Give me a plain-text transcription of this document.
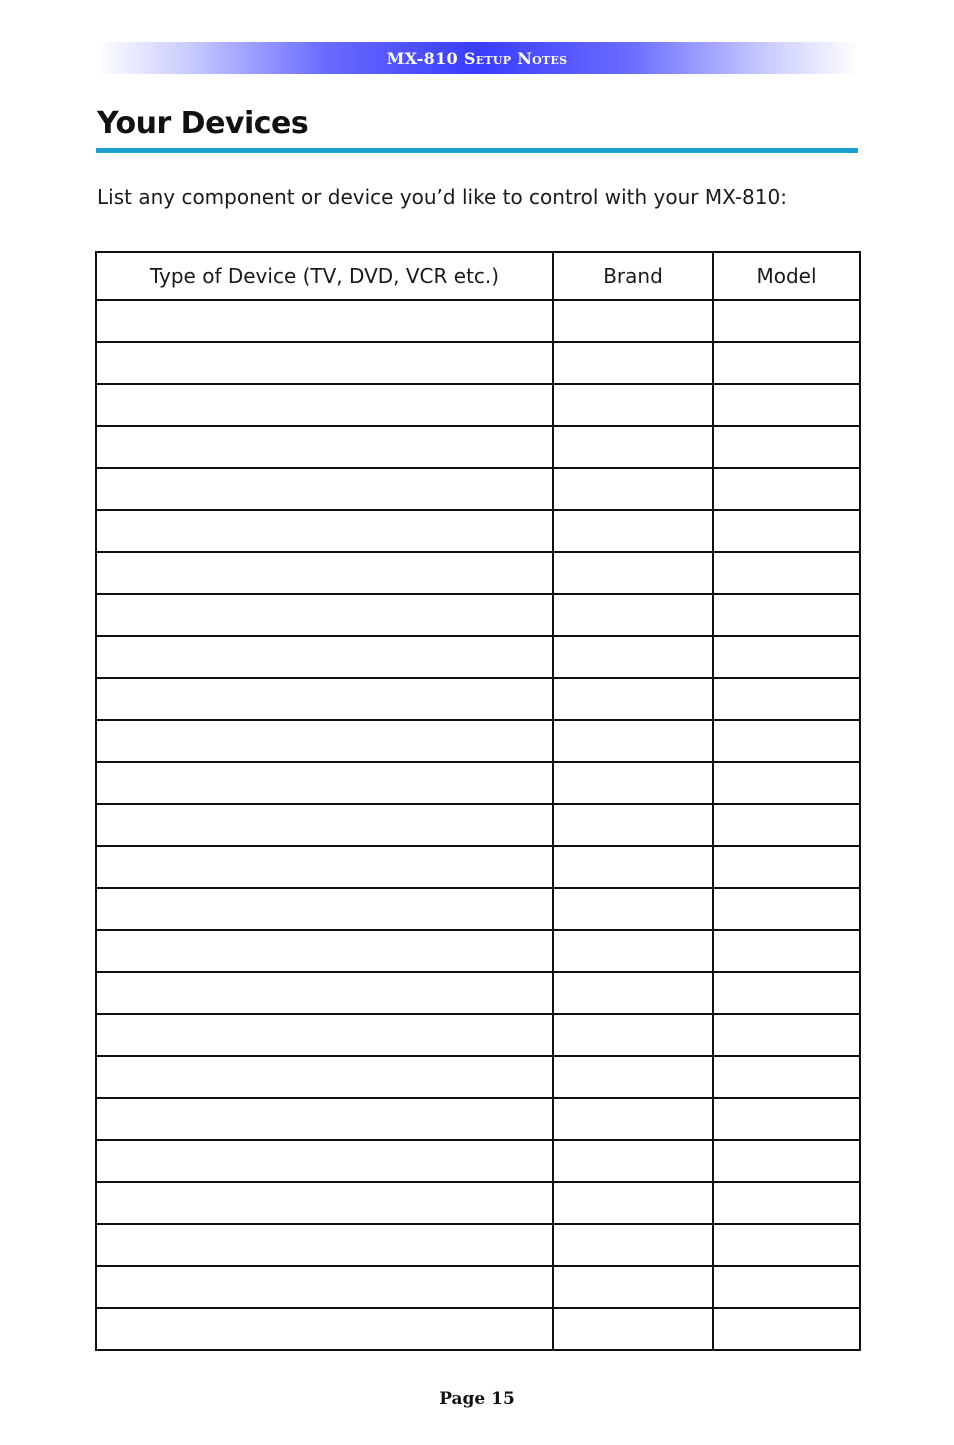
MX-810 Setup Notes
Your Devices

List any component or device you’d like to control with your MX-810:

Type of Device (TV, DVD, VCR etc.)	Brand	Model

Page 15
